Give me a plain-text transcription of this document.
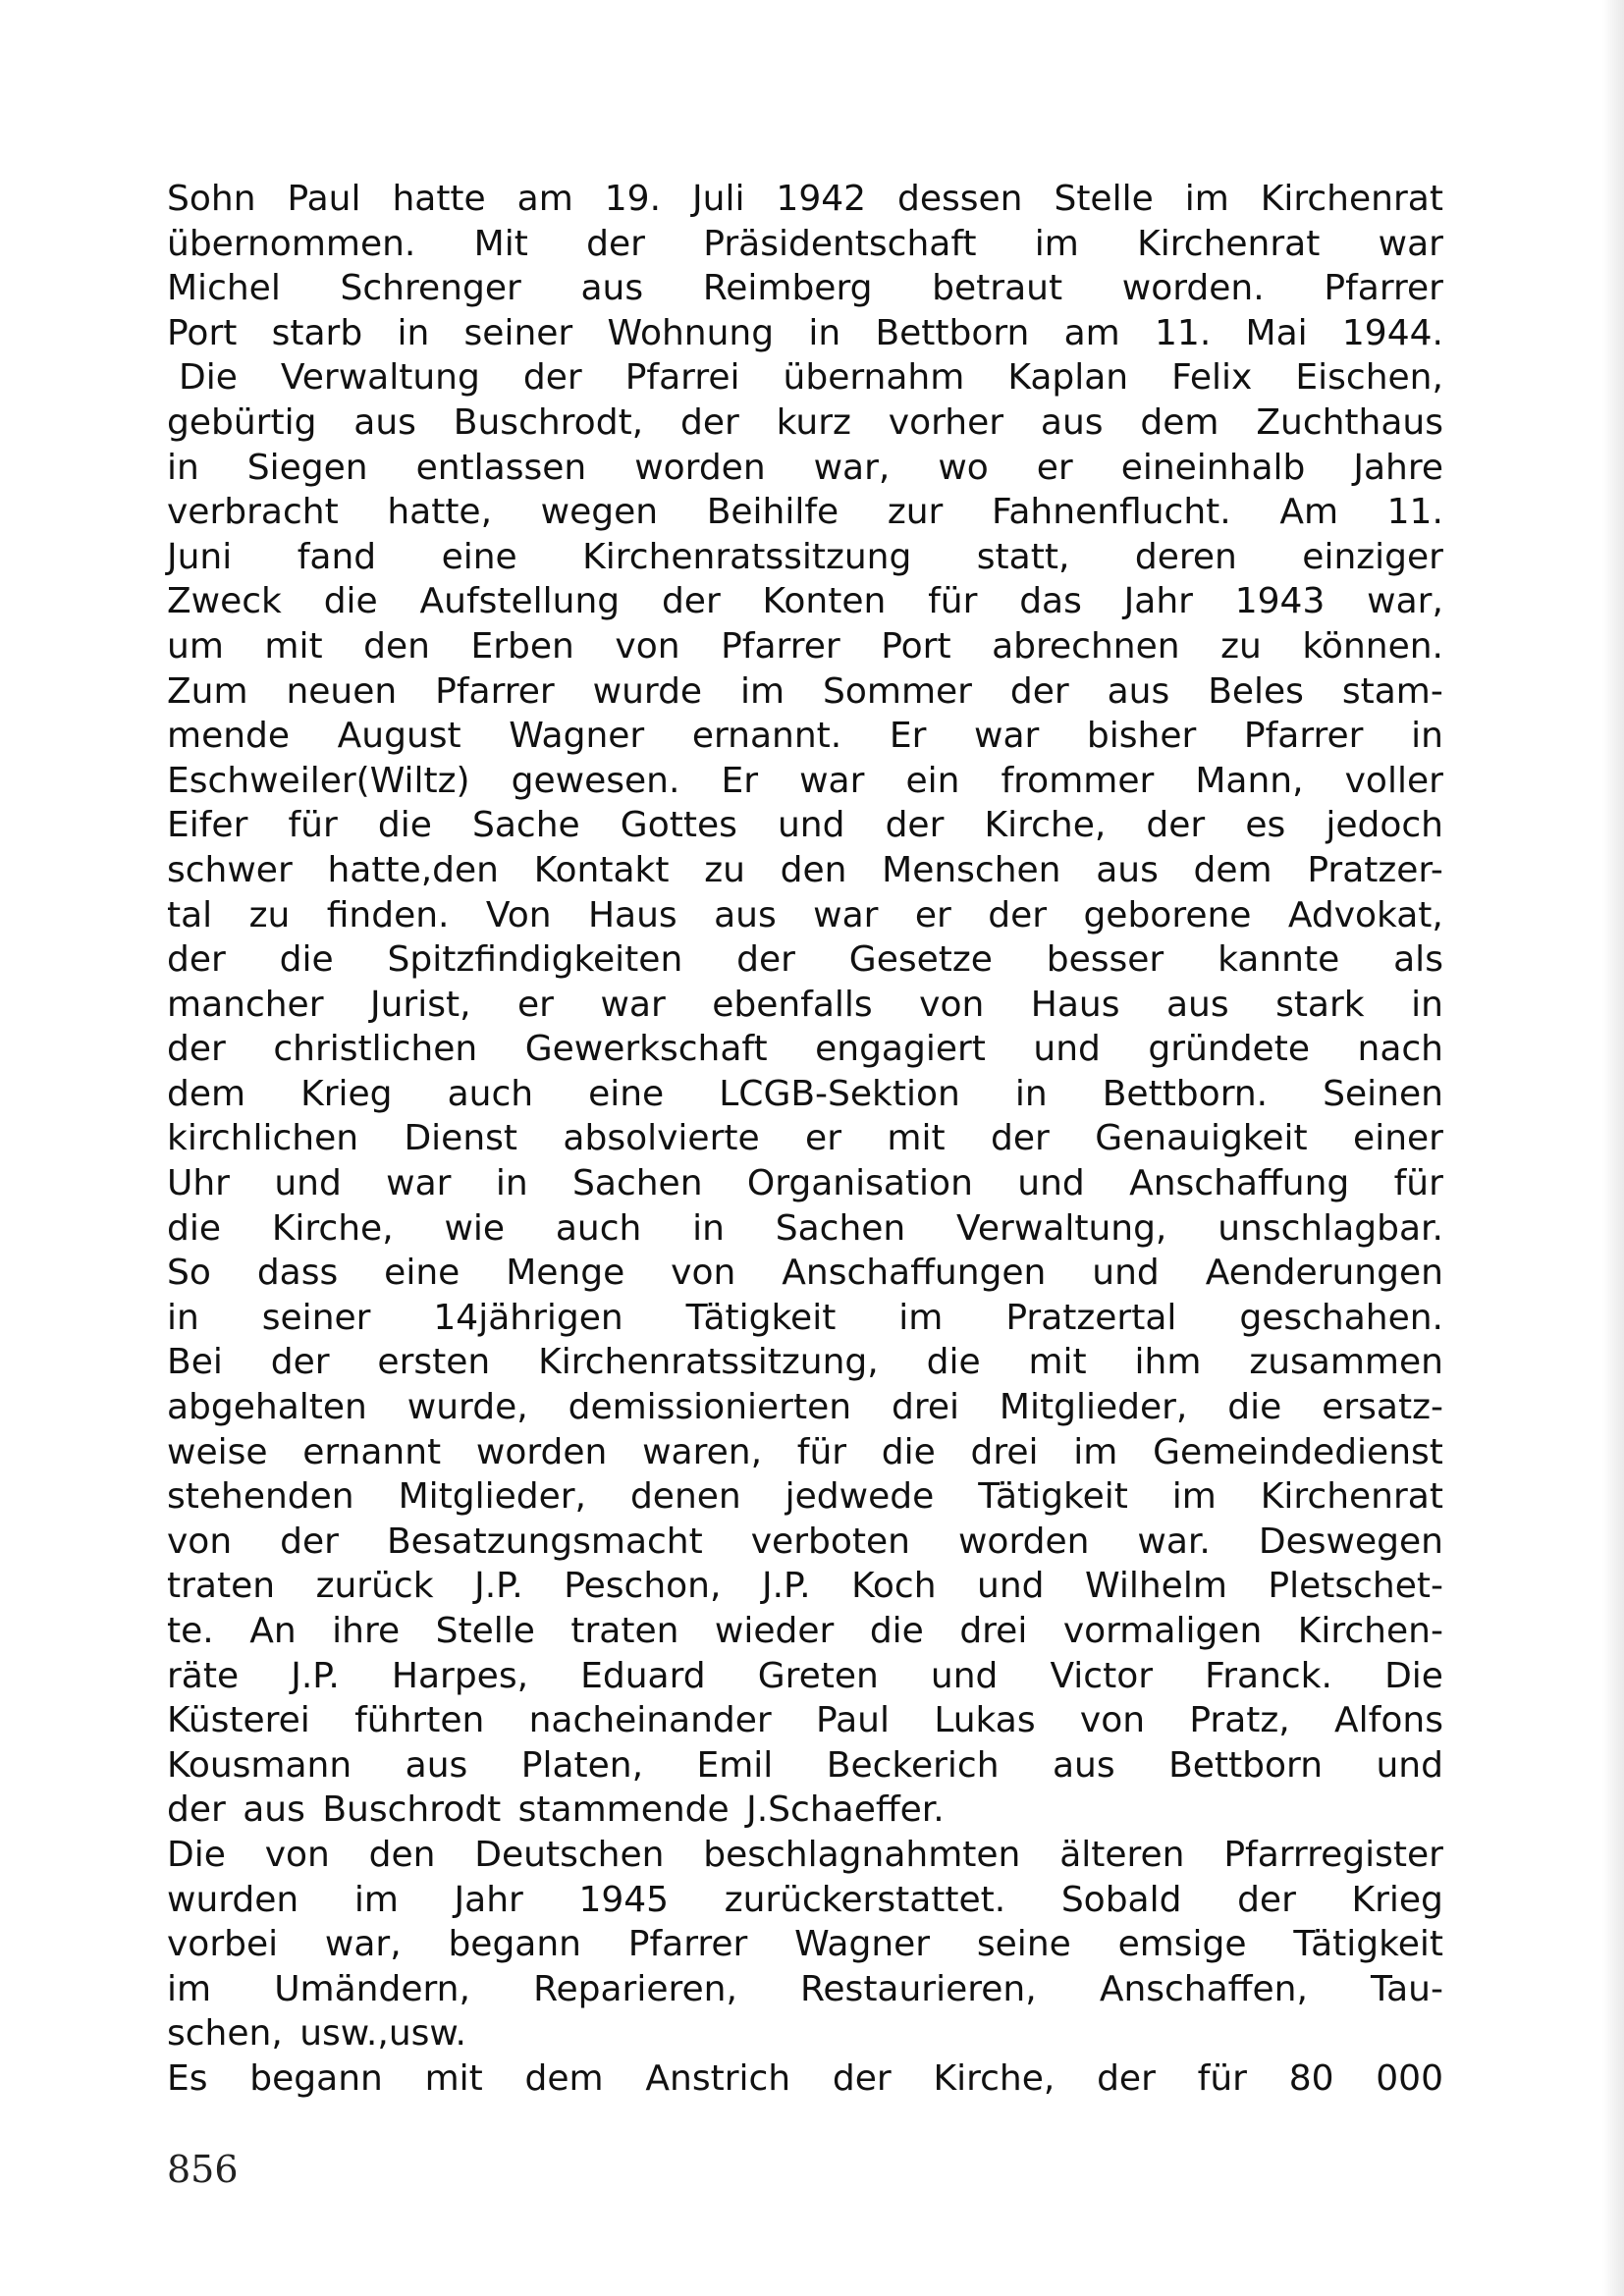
Sohn Paul hatte am 19. Juli 1942 dessen Stelle im Kirchenrat
übernommen. Mit der Präsidentschaft im Kirchenrat war
Michel Schrenger aus Reimberg betraut worden. Pfarrer
Port starb in seiner Wohnung in Bettborn am 11. Mai 1944.
Die Verwaltung der Pfarrei übernahm Kaplan Felix Eischen,
gebürtig aus Buschrodt, der kurz vorher aus dem Zuchthaus
in Siegen entlassen worden war, wo er eineinhalb Jahre
verbracht hatte, wegen Beihilfe zur Fahnenflucht. Am 11.
Juni fand eine Kirchenratssitzung statt, deren einziger
Zweck die Aufstellung der Konten für das Jahr 1943 war,
um mit den Erben von Pfarrer Port abrechnen zu können.
Zum neuen Pfarrer wurde im Sommer der aus Beles stam-
mende August Wagner ernannt. Er war bisher Pfarrer in
Eschweiler(Wiltz) gewesen. Er war ein frommer Mann, voller
Eifer für die Sache Gottes und der Kirche, der es jedoch
schwer hatte,den Kontakt zu den Menschen aus dem Pratzer-
tal zu finden. Von Haus aus war er der geborene Advokat,
der die Spitzfindigkeiten der Gesetze besser kannte als
mancher Jurist, er war ebenfalls von Haus aus stark in
der christlichen Gewerkschaft engagiert und gründete nach
dem Krieg auch eine LCGB-Sektion in Bettborn. Seinen
kirchlichen Dienst absolvierte er mit der Genauigkeit einer
Uhr und war in Sachen Organisation und Anschaffung für
die Kirche, wie auch in Sachen Verwaltung, unschlagbar.
So dass eine Menge von Anschaffungen und Aenderungen
in seiner 14jährigen Tätigkeit im Pratzertal geschahen.
Bei der ersten Kirchenratssitzung, die mit ihm zusammen
abgehalten wurde, demissionierten drei Mitglieder, die ersatz-
weise ernannt worden waren, für die drei im Gemeindedienst
stehenden Mitglieder, denen jedwede Tätigkeit im Kirchenrat
von der Besatzungsmacht verboten worden war. Deswegen
traten zurück J.P. Peschon, J.P. Koch und Wilhelm Pletschet-
te. An ihre Stelle traten wieder die drei vormaligen Kirchen-
räte J.P. Harpes, Eduard Greten und Victor Franck. Die
Küsterei führten nacheinander Paul Lukas von Pratz, Alfons
Kousmann aus Platen, Emil Beckerich aus Bettborn und
der aus Buschrodt stammende J.Schaeffer.
Die von den Deutschen beschlagnahmten älteren Pfarrregister
wurden im Jahr 1945 zurückerstattet. Sobald der Krieg
vorbei war, begann Pfarrer Wagner seine emsige Tätigkeit
im Umändern, Reparieren, Restaurieren, Anschaffen, Tau-
schen, usw.,usw.
Es begann mit dem Anstrich der Kirche, der für 80 000
856
